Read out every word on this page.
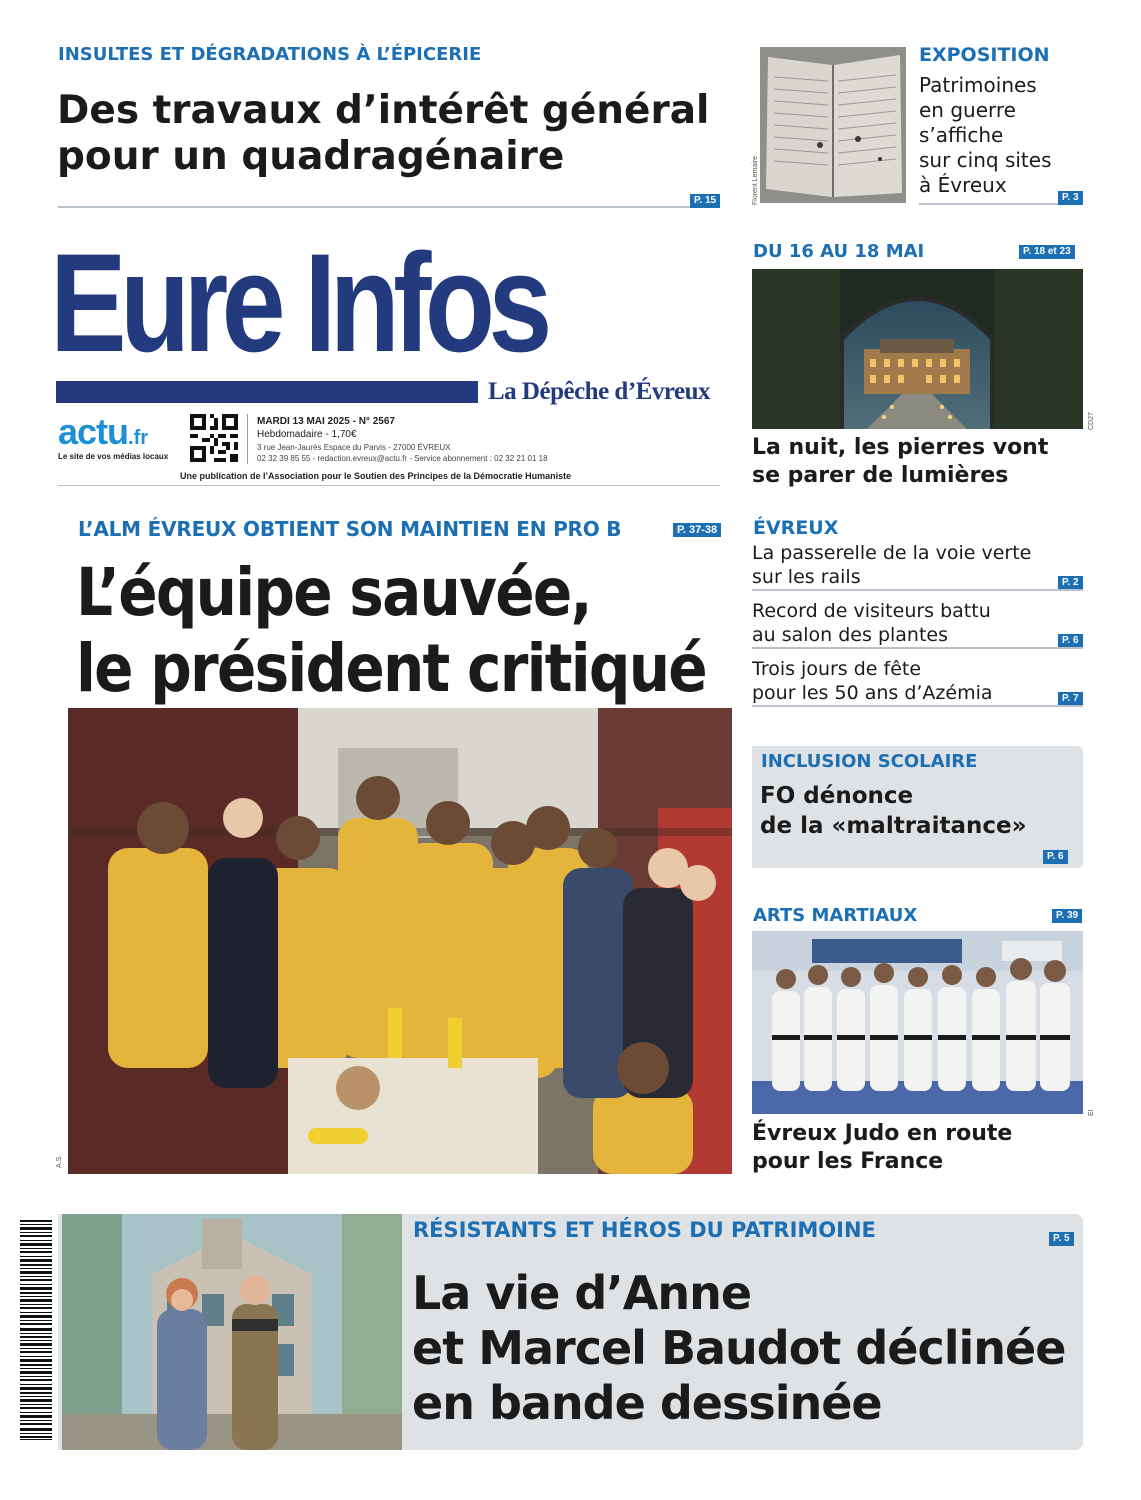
INSULTES ET DÉGRADATIONS À L’ÉPICERIE
Des travaux d’intérêt général
pour un quadragénaire
P. 15	Florent Lemaire
EXPOSITION
Patrimoines
en guerre
s’affiche
sur cinq sites
à Évreux
P. 3
Eure Infos
La Dépêche d’Évreux
actu.fr
Le site de vos médias locaux
MARDI 13 MAI 2025 - N° 2567
Hebdomadaire - 1,70€
3 rue Jean-Jaurès Espace du Parvis - 27000 ÉVREUX
02 32 39 85 55 - redaction.evreux@actu.fr - Service abonnement : 02 32 21 01 18
Une publication de l’Association pour le Soutien des Principes de la Démocratie Humaniste
DU 16 AU 18 MAI	P. 18 et 23
CD27
La nuit, les pierres vont
se parer de lumières
L’ALM ÉVREUX OBTIENT SON MAINTIEN EN PRO B	P. 37-38
L’équipe sauvée,
le président critiqué
A.S.
ÉVREUX
La passerelle de la voie verte
sur les rails	P. 2
Record de visiteurs battu
au salon des plantes	P. 6
Trois jours de fête
pour les 50 ans d’Azémia	P. 7
INCLUSION SCOLAIRE
FO dénonce
de la «maltraitance»
P. 6
ARTS MARTIAUX	P. 39
EI
Évreux Judo en route
pour les France
RÉSISTANTS ET HÉROS DU PATRIMOINE	P. 5
La vie d’Anne
et Marcel Baudot déclinée
en bande dessinée
